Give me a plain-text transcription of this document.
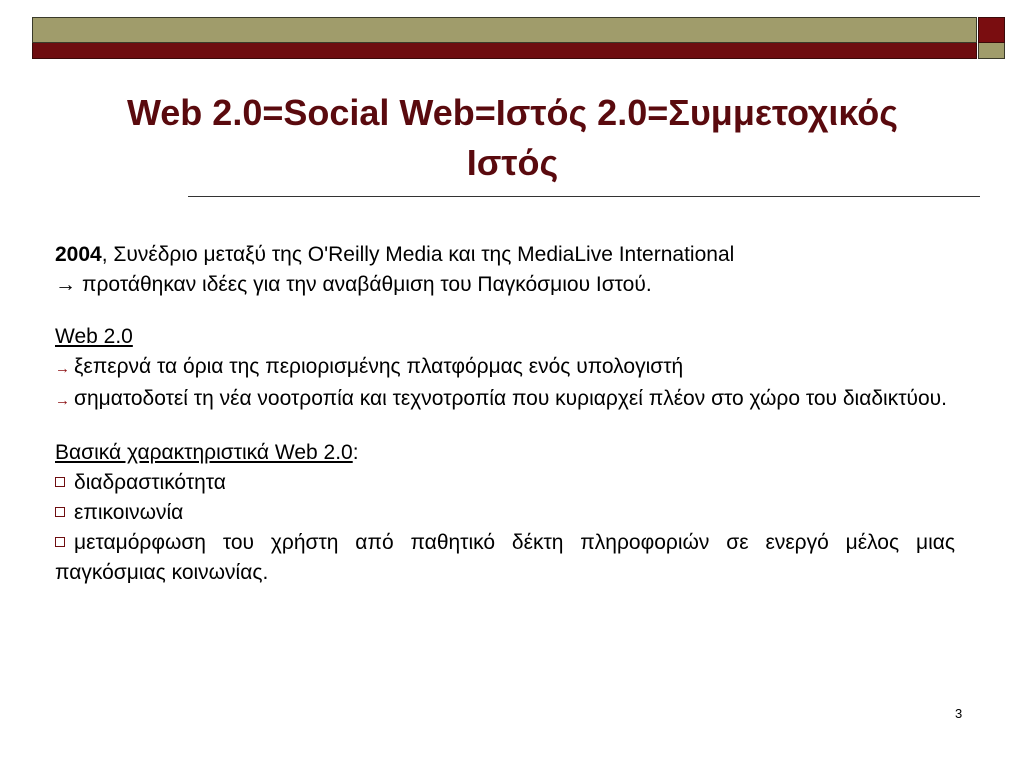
Web 2.0=Social Web=Ιστός 2.0=Συμμετοχικός
Ιστός

2004, Συνέδριο μεταξύ της O'Reilly Media και της MediaLive International

→ προτάθηκαν ιδέες για την αναβάθμιση του Παγκόσμιου Ιστού.

Web 2.0

→ ξεπερνά τα όρια της περιορισμένης πλατφόρμας ενός υπολογιστή

→ σηματοδοτεί τη νέα νοοτροπία και τεχνοτροπία που κυριαρχεί πλέον στο χώρο του διαδικτύου.

Βασικά χαρακτηριστικά Web 2.0:

διαδραστικότητα

επικοινωνία

μεταμόρφωση του χρήστη από παθητικό δέκτη πληροφοριών σε ενεργό μέλος μιας παγκόσμιας κοινωνίας.

3
